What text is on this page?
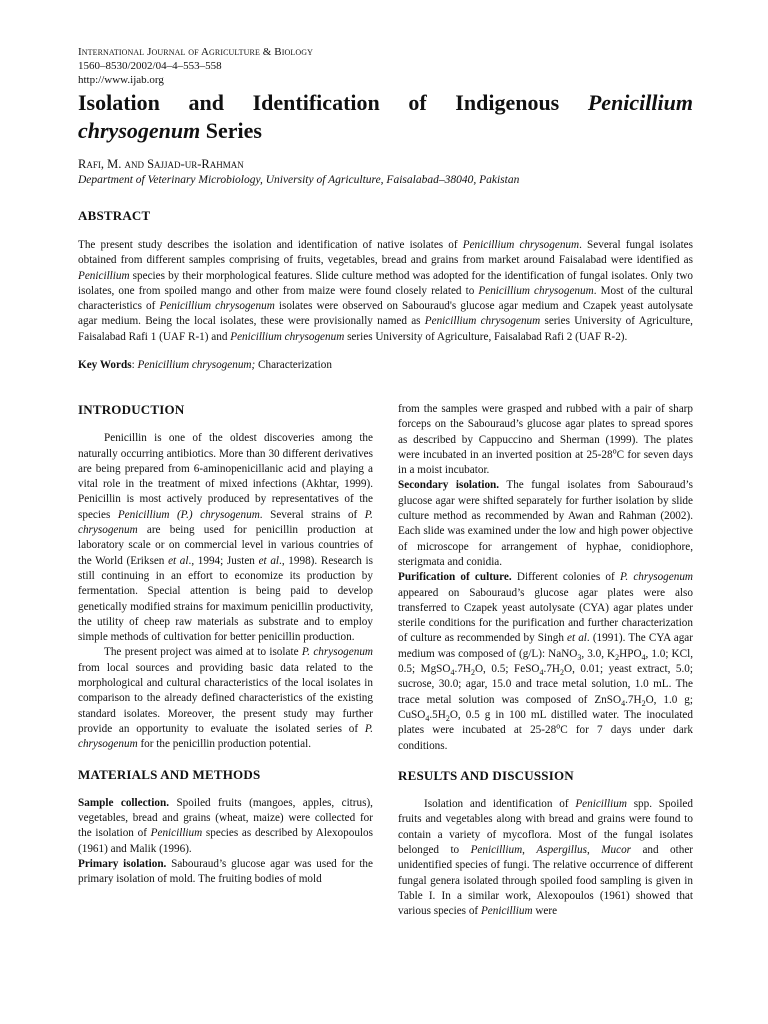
International Journal of Agriculture & Biology
1560–8530/2002/04–4–553–558
http://www.ijab.org
Isolation and Identification of Indigenous Penicillium
chrysogenum Series
Rafi, M. and Sajjad-ur-Rahman
Department of Veterinary Microbiology, University of Agriculture, Faisalabad–38040, Pakistan
ABSTRACT
The present study describes the isolation and identification of native isolates of Penicillium chrysogenum. Several fungal isolates obtained from different samples comprising of fruits, vegetables, bread and grains from market around Faisalabad were identified as Penicillium species by their morphological features. Slide culture method was adopted for the identification of fungal isolates. Only two isolates, one from spoiled mango and other from maize were found closely related to Penicillium chrysogenum. Most of the cultural characteristics of Penicillium chrysogenum isolates were observed on Sabouraud's glucose agar medium and Czapek yeast autolysate agar medium. Being the local isolates, these were provisionally named as Penicillium chrysogenum series University of Agriculture, Faisalabad Rafi 1 (UAF R-1) and Penicillium chrysogenum series University of Agriculture, Faisalabad Rafi 2 (UAF R-2).
Key Words: Penicillium chrysogenum; Characterization
INTRODUCTION

Penicillin is one of the oldest discoveries among the naturally occurring antibiotics. More than 30 different derivatives are being prepared from 6-aminopenicillanic acid and playing a vital role in the treatment of mixed infections (Akhtar, 1999). Penicillin is most actively produced by representatives of the species Penicillium (P.) chrysogenum. Several strains of P. chrysogenum are being used for penicillin production at laboratory scale or on commercial level in various countries of the World (Eriksen et al., 1994; Justen et al., 1998). Research is still continuing in an effort to economize its production by fermentation. Special attention is being paid to develop genetically modified strains for maximum penicillin productivity, the utility of cheep raw materials as substrate and to employ simple methods of cultivation for better penicillin production.

The present project was aimed at to isolate P. chrysogenum from local sources and providing basic data related to the morphological and cultural characteristics of the local isolates in comparison to the already defined characteristics of the existing standard isolates. Moreover, the present study may further provide an opportunity to evaluate the isolated series of P. chrysogenum for the penicillin production potential.

MATERIALS AND METHODS

Sample collection. Spoiled fruits (mangoes, apples, citrus), vegetables, bread and grains (wheat, maize) were collected for the isolation of Penicillium species as described by Alexopoulos (1961) and Malik (1996).

Primary isolation. Sabouraud’s glucose agar was used for the primary isolation of mold. The fruiting bodies of mold

from the samples were grasped and rubbed with a pair of sharp forceps on the Sabouraud’s glucose agar plates to spread spores as described by Cappuccino and Sherman (1999). The plates were incubated in an inverted position at 25-28$^o$C for seven days in a moist incubator.

Secondary isolation. The fungal isolates from Sabouraud’s glucose agar were shifted separately for further isolation by slide culture method as recommended by Awan and Rahman (2002). Each slide was examined under the low and high power objective of microscope for arrangement of hyphae, conidiophore, sterigmata and conidia.

Purification of culture. Different colonies of P. chrysogenum appeared on Sabouraud’s glucose agar plates were also transferred to Czapek yeast autolysate (CYA) agar plates under sterile conditions for the purification and further characterization of culture as recommended by Singh et al. (1991). The CYA agar medium was composed of (g/L): NaNO$_3$, 3.0, $K_2HPO_4$, 1.0; KCl, 0.5; $MgSO_4.7H_2O$, 0.5; $FeSO_4.7H_2O$, 0.01; yeast extract, 5.0; sucrose, 30.0; agar, 15.0 and trace metal solution, 1.0 mL. The trace metal solution was composed of $ZnSO_4.7H_2O$, 1.0 g; $CuSO_4.5H_2O$, 0.5 g in 100 mL distilled water. The inoculated plates were incubated at 25-28$^o$C for 7 days under dark conditions.

RESULTS AND DISCUSSION

Isolation and identification of Penicillium spp. Spoiled fruits and vegetables along with bread and grains were found to contain a variety of mycoflora. Most of the fungal isolates belonged to Penicillium, Aspergillus, Mucor and other unidentified species of fungi. The relative occurrence of different fungal genera isolated through spoiled food sampling is given in Table I. In a similar work, Alexopoulos (1961) showed that various species of Penicillium were
